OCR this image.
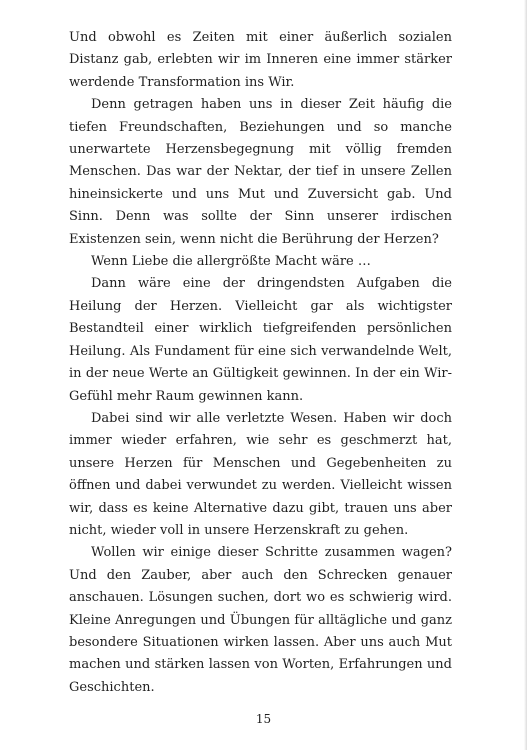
Und obwohl es Zeiten mit einer äußerlich sozialen Distanz gab, erlebten wir im Inneren eine immer stärker werdende Transformation ins Wir.

Denn getragen haben uns in dieser Zeit häufig die tiefen Freundschaften, Beziehungen und so manche unerwartete Herzensbegegnung mit völlig fremden Menschen. Das war der Nektar, der tief in unsere Zellen hineinsickerte und uns Mut und Zuversicht gab. Und Sinn. Denn was sollte der Sinn unserer irdischen Existenzen sein, wenn nicht die Berührung der Herzen?

Wenn Liebe die allergrößte Macht wäre …

Dann wäre eine der dringendsten Aufgaben die Heilung der Herzen. Vielleicht gar als wichtigster Bestandteil einer wirklich tiefgreifenden persönlichen Heilung. Als Fundament für eine sich verwandelnde Welt, in der neue Werte an Gültigkeit gewinnen. In der ein Wir-Gefühl mehr Raum gewinnen kann.

Dabei sind wir alle verletzte Wesen. Haben wir doch immer wieder erfahren, wie sehr es geschmerzt hat, unsere Herzen für Menschen und Gegebenheiten zu öffnen und dabei verwundet zu werden. Vielleicht wissen wir, dass es keine Alternative dazu gibt, trauen uns aber nicht, wieder voll in unsere Herzenskraft zu gehen.

Wollen wir einige dieser Schritte zusammen wagen? Und den Zauber, aber auch den Schrecken genauer anschauen. Lösungen suchen, dort wo es schwierig wird. Kleine Anregungen und Übungen für alltägliche und ganz besondere Situationen wirken lassen. Aber uns auch Mut machen und stärken lassen von Worten, Erfahrungen und Geschichten.

15
